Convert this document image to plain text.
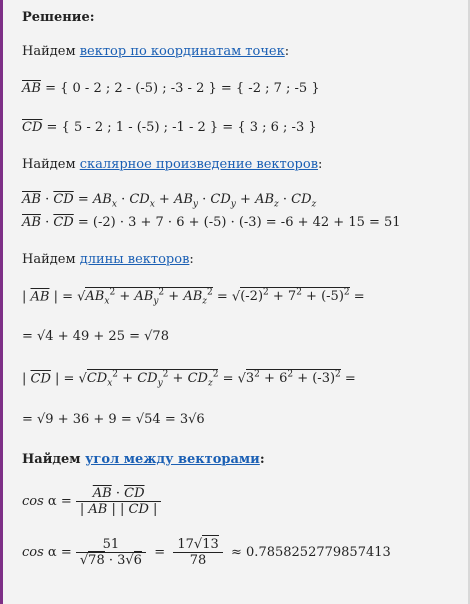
Решение:
Найдем вектор по координатам точек:
$\overline{AB}$ = { 0 - 2 ; 2 - (-5) ; -3 - 2 } = { -2 ; 7 ; -5 }
$\overline{CD}$ = { 5 - 2 ; 1 - (-5) ; -1 - 2 } = { 3 ; 6 ; -3 }
Найдем скалярное произведение векторов:
$\overline{AB} \cdot \overline{CD} = AB_x \cdot CD_x + AB_y \cdot CD_y + AB_z \cdot CD_z$
$\overline{AB} \cdot \overline{CD} = (-2) \cdot 3 + 7 \cdot 6 + (-5) \cdot (-3) = -6 + 42 + 15 = 51$
Найдем длины векторов:
| $\overline{AB}$ | = $√AB_x^2 + AB_y^2 + AB_z^2 = √(-2)^2 + 7^2 + (-5)^2$ =
= √4 + 49 + 25 = √78
| $\overline{CD}$ | = $√CD_x^2 + CD_y^2 + CD_z^2 = √3^2 + 6^2 + (-3)^2$ =
= √9 + 36 + 9 = √54 = 3√6
Найдем угол между векторами:
$\cos \alpha = \frac{\overline{AB} \cdot \overline{CD}}{| \overline{AB} | | \overline{CD} |}$
$\cos \alpha = \frac{51}{√78 \cdot 3√6} = \frac{17√13}{78} \approx 0.7858252779857413$
